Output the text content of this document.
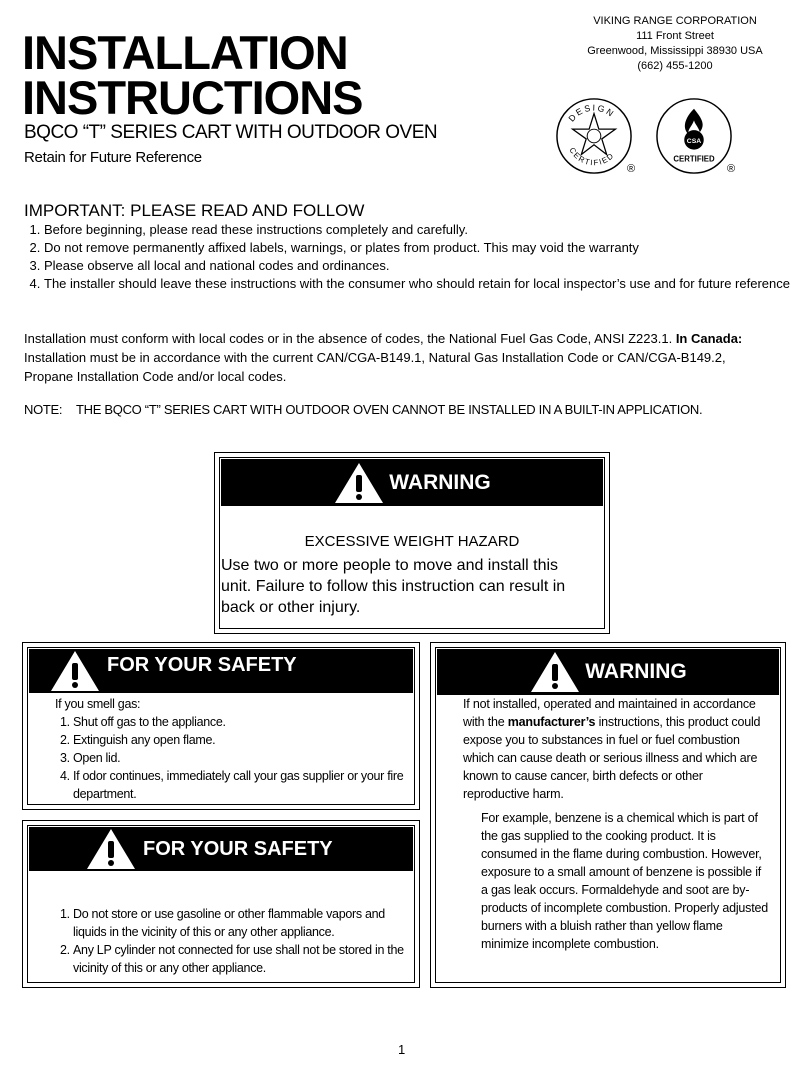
INSTALLATION
INSTRUCTIONS
BQCO “T” SERIES CART WITH OUTDOOR OVEN
Retain for Future Reference
VIKING RANGE CORPORATION
111 Front Street
Greenwood, Mississippi 38930 USA
(662) 455-1200
DESIGN
CERTIFIED
®
CSA
CERTIFIED
®
IMPORTANT: PLEASE READ AND FOLLOW
1. Before beginning, please read these instructions completely and carefully.
2. Do not remove permanently affixed labels, warnings, or plates from product. This may void the warranty
3. Please observe all local and national codes and ordinances.
4. The installer should leave these instructions with the consumer who should retain for local inspector’s use and for future reference
Installation must conform with local codes or in the absence of codes, the National Fuel Gas Code, ANSI Z223.1. In Canada: Installation must be in accordance with the current CAN/CGA-B149.1, Natural Gas Installation Code or CAN/CGA-B149.2, Propane Installation Code and/or local codes.
NOTE:	THE BQCO “T” SERIES CART WITH OUTDOOR OVEN CANNOT BE INSTALLED IN A BUILT-IN APPLICATION.
WARNING
EXCESSIVE WEIGHT HAZARD
Use two or more people to move and install this unit. Failure to follow this instruction can result in back or other injury.
FOR YOUR SAFETY
If you smell gas:
1. Shut off gas to the appliance.
2. Extinguish any open flame.
3. Open lid.
4. If odor continues, immediately call your gas supplier or your fire department.
FOR YOUR SAFETY
1. Do not store or use gasoline or other flammable vapors and liquids in the vicinity of this or any other appliance.
2. Any LP cylinder not connected for use shall not be stored in the vicinity of this or any other appliance.
WARNING
If not installed, operated and maintained in accordance with the manufacturer’s instructions, this product could expose you to substances in fuel or fuel combustion which can cause death or serious illness and which are known to cause cancer, birth defects or other reproductive harm.
For example, benzene is a chemical which is part of the gas supplied to the cooking product. It is consumed in the flame during combustion. However, exposure to a small amount of benzene is possible if a gas leak occurs. Formaldehyde and soot are by-products of incomplete combustion. Properly adjusted burners with a bluish rather than yellow flame minimize incomplete combustion.
1
